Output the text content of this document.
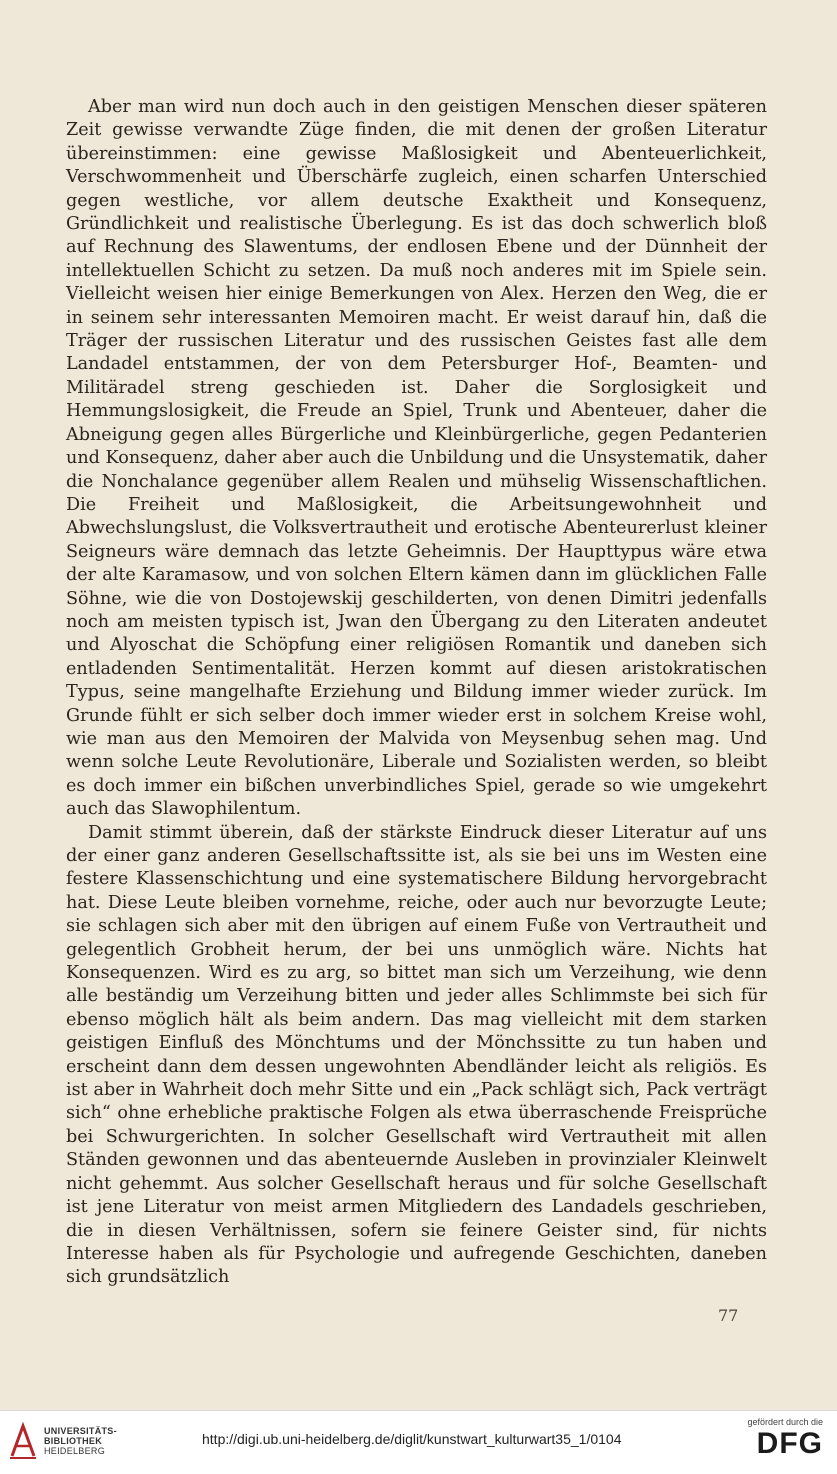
Aber man wird nun doch auch in den geistigen Menschen dieser späteren Zeit gewisse verwandte Züge finden, die mit denen der großen Literatur übereinstimmen: eine gewisse Maßlosigkeit und Abenteuerlichkeit, Verschwommenheit und Überschärfe zugleich, einen scharfen Unterschied gegen westliche, vor allem deutsche Exaktheit und Konsequenz, Gründlichkeit und realistische Überlegung. Es ist das doch schwerlich bloß auf Rechnung des Slawentums, der endlosen Ebene und der Dünnheit der intellektuellen Schicht zu setzen. Da muß noch anderes mit im Spiele sein. Vielleicht weisen hier einige Bemerkungen von Alex. Herzen den Weg, die er in seinem sehr interessanten Memoiren macht. Er weist darauf hin, daß die Träger der russischen Literatur und des russischen Geistes fast alle dem Landadel entstammen, der von dem Petersburger Hof-, Beamten- und Militäradel streng geschieden ist. Daher die Sorglosigkeit und Hemmungslosigkeit, die Freude an Spiel, Trunk und Abenteuer, daher die Abneigung gegen alles Bürgerliche und Kleinbürgerliche, gegen Pedanterien und Konsequenz, daher aber auch die Unbildung und die Unsystematik, daher die Nonchalance gegenüber allem Realen und mühselig Wissenschaftlichen. Die Freiheit und Maßlosigkeit, die Arbeitsungewohnheit und Abwechslungslust, die Volksvertrautheit und erotische Abenteurerlust kleiner Seigneurs wäre demnach das letzte Geheimnis. Der Haupttypus wäre etwa der alte Karamasow, und von solchen Eltern kämen dann im glücklichen Falle Söhne, wie die von Dostojewskij geschilderten, von denen Dimitri jedenfalls noch am meisten typisch ist, Jwan den Übergang zu den Literaten andeutet und Alyoschat die Schöpfung einer religiösen Romantik und daneben sich entladenden Sentimentalität. Herzen kommt auf diesen aristokratischen Typus, seine mangelhafte Erziehung und Bildung immer wieder zurück. Im Grunde fühlt er sich selber doch immer wieder erst in solchem Kreise wohl, wie man aus den Memoiren der Malvida von Meysenbug sehen mag. Und wenn solche Leute Revolutionäre, Liberale und Sozialisten werden, so bleibt es doch immer ein bißchen unverbindliches Spiel, gerade so wie umgekehrt auch das Slawophilentum.

Damit stimmt überein, daß der stärkste Eindruck dieser Literatur auf uns der einer ganz anderen Gesellschaftssitte ist, als sie bei uns im Westen eine festere Klassenschichtung und eine systematischere Bildung hervorgebracht hat. Diese Leute bleiben vornehme, reiche, oder auch nur bevorzugte Leute; sie schlagen sich aber mit den übrigen auf einem Fuße von Vertrautheit und gelegentlich Grobheit herum, der bei uns unmöglich wäre. Nichts hat Konsequenzen. Wird es zu arg, so bittet man sich um Verzeihung, wie denn alle beständig um Verzeihung bitten und jeder alles Schlimmste bei sich für ebenso möglich hält als beim andern. Das mag vielleicht mit dem starken geistigen Einfluß des Mönchtums und der Mönchssitte zu tun haben und erscheint dann dem dessen ungewohnten Abendländer leicht als religiös. Es ist aber in Wahrheit doch mehr Sitte und ein „Pack schlägt sich, Pack verträgt sich“ ohne erhebliche praktische Folgen als etwa überraschende Freisprüche bei Schwurgerichten. In solcher Gesellschaft wird Vertrautheit mit allen Ständen gewonnen und das abenteuernde Ausleben in provinzialer Kleinwelt nicht gehemmt. Aus solcher Gesellschaft heraus und für solche Gesellschaft ist jene Literatur von meist armen Mitgliedern des Landadels geschrieben, die in diesen Verhältnissen, sofern sie feinere Geister sind, für nichts Interesse haben als für Psychologie und aufregende Geschichten, daneben sich grundsätzlich

77
UNIVERSITÄTS-
BIBLIOTHEK
HEIDELBERG
http://digi.ub.uni-heidelberg.de/diglit/kunstwart_kulturwart35_1/0104
gefördert durch die
DFG
